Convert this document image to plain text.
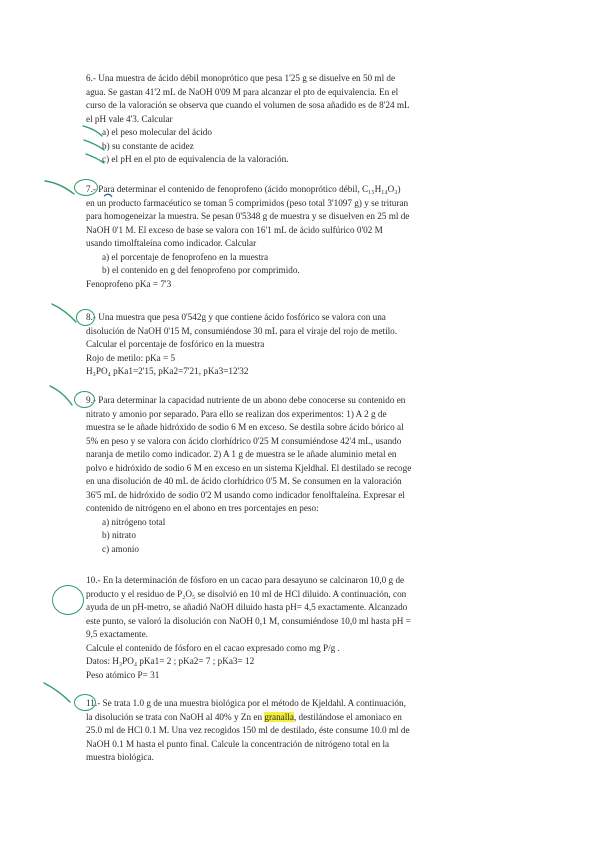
6.- Una muestra de ácido débil monoprótico que pesa 1'25 g se disuelve en 50 ml de
agua. Se gastan 41'2 mL de NaOH 0'09 M para alcanzar el pto de equivalencia. En el
curso de la valoración se observa que cuando el volumen de sosa añadido es de 8'24 mL
el pH vale 4'3. Calcular
a) el peso molecular del ácido
b) su constante de acidez
c) el pH en el pto de equivalencia de la valoración.
7.- Para determinar el contenido de fenoprofeno (ácido monoprótico débil, C₁₅H₁₄O₃)
en un producto farmacéutico se toman 5 comprimidos (peso total 3'1097 g) y se trituran
para homogeneizar la muestra. Se pesan 0'5348 g de muestra y se disuelven en 25 ml de
NaOH 0'1 M. El exceso de base se valora con 16'1 mL de ácido sulfúrico 0'02 M
usando timolftaleína como indicador. Calcular
a) el porcentaje de fenoprofeno en la muestra
b) el contenido en g del fenoprofeno por comprimido.
Fenoprofeno pKa = 7'3
8.- Una muestra que pesa 0'542g y que contiene ácido fosfórico se valora con una
disolución de NaOH 0'15 M, consumiéndose 30 mL para el viraje del rojo de metilo.
Calcular el porcentaje de fosfórico en la muestra
Rojo de metilo: pKa = 5
H₃PO₄ pKa1=2'15, pKa2=7'21, pKa3=12'32
9.- Para determinar la capacidad nutriente de un abono debe conocerse su contenido en
nitrato y amonio por separado. Para ello se realizan dos experimentos: 1) A 2 g de
muestra se le añade hidróxido de sodio 6 M en exceso. Se destila sobre ácido bórico al
5% en peso y se valora con ácido clorhídrico 0'25 M consumiéndose 42'4 mL, usando
naranja de metilo como indicador. 2) A 1 g de muestra se le añade aluminio metal en
polvo e hidróxido de sodio 6 M en exceso en un sistema Kjeldhal. El destilado se recoge
en una disolución de 40 mL de ácido clorhídrico 0'5 M. Se consumen en la valoración
36'5 mL de hidróxido de sodio 0'2 M usando como indicador fenolftaleína. Expresar el
contenido de nitrógeno en el abono en tres porcentajes en peso:
a) nitrógeno total
b) nitrato
c) amonio
10.- En la determinación de fósforo en un cacao para desayuno se calcinaron 10,0 g de
producto y el residuo de P₂O₅ se disolvió en 10 ml de HCl diluido. A continuación, con
ayuda de un pH-metro, se añadió NaOH diluido hasta pH= 4,5 exactamente. Alcanzado
este punto, se valoró la disolución con NaOH 0,1 M, consumiéndose 10,0 ml hasta pH =
9,5 exactamente.
Calcule el contenido de fósforo en el cacao expresado como mg P/g .
Datos: H₃PO₄ pKa1= 2 ; pKa2= 7 ; pKa3= 12
Peso atómico P= 31
11.- Se trata 1.0 g de una muestra biológica por el método de Kjeldahl. A continuación,
la disolución se trata con NaOH al 40% y Zn en granalla, destilándose el amoniaco en
25.0 ml de HCl 0.1 M. Una vez recogidos 150 ml de destilado, éste consume 10.0 ml de
NaOH 0.1 M hasta el punto final. Calcule la concentración de nitrógeno total en la
muestra biológica.
